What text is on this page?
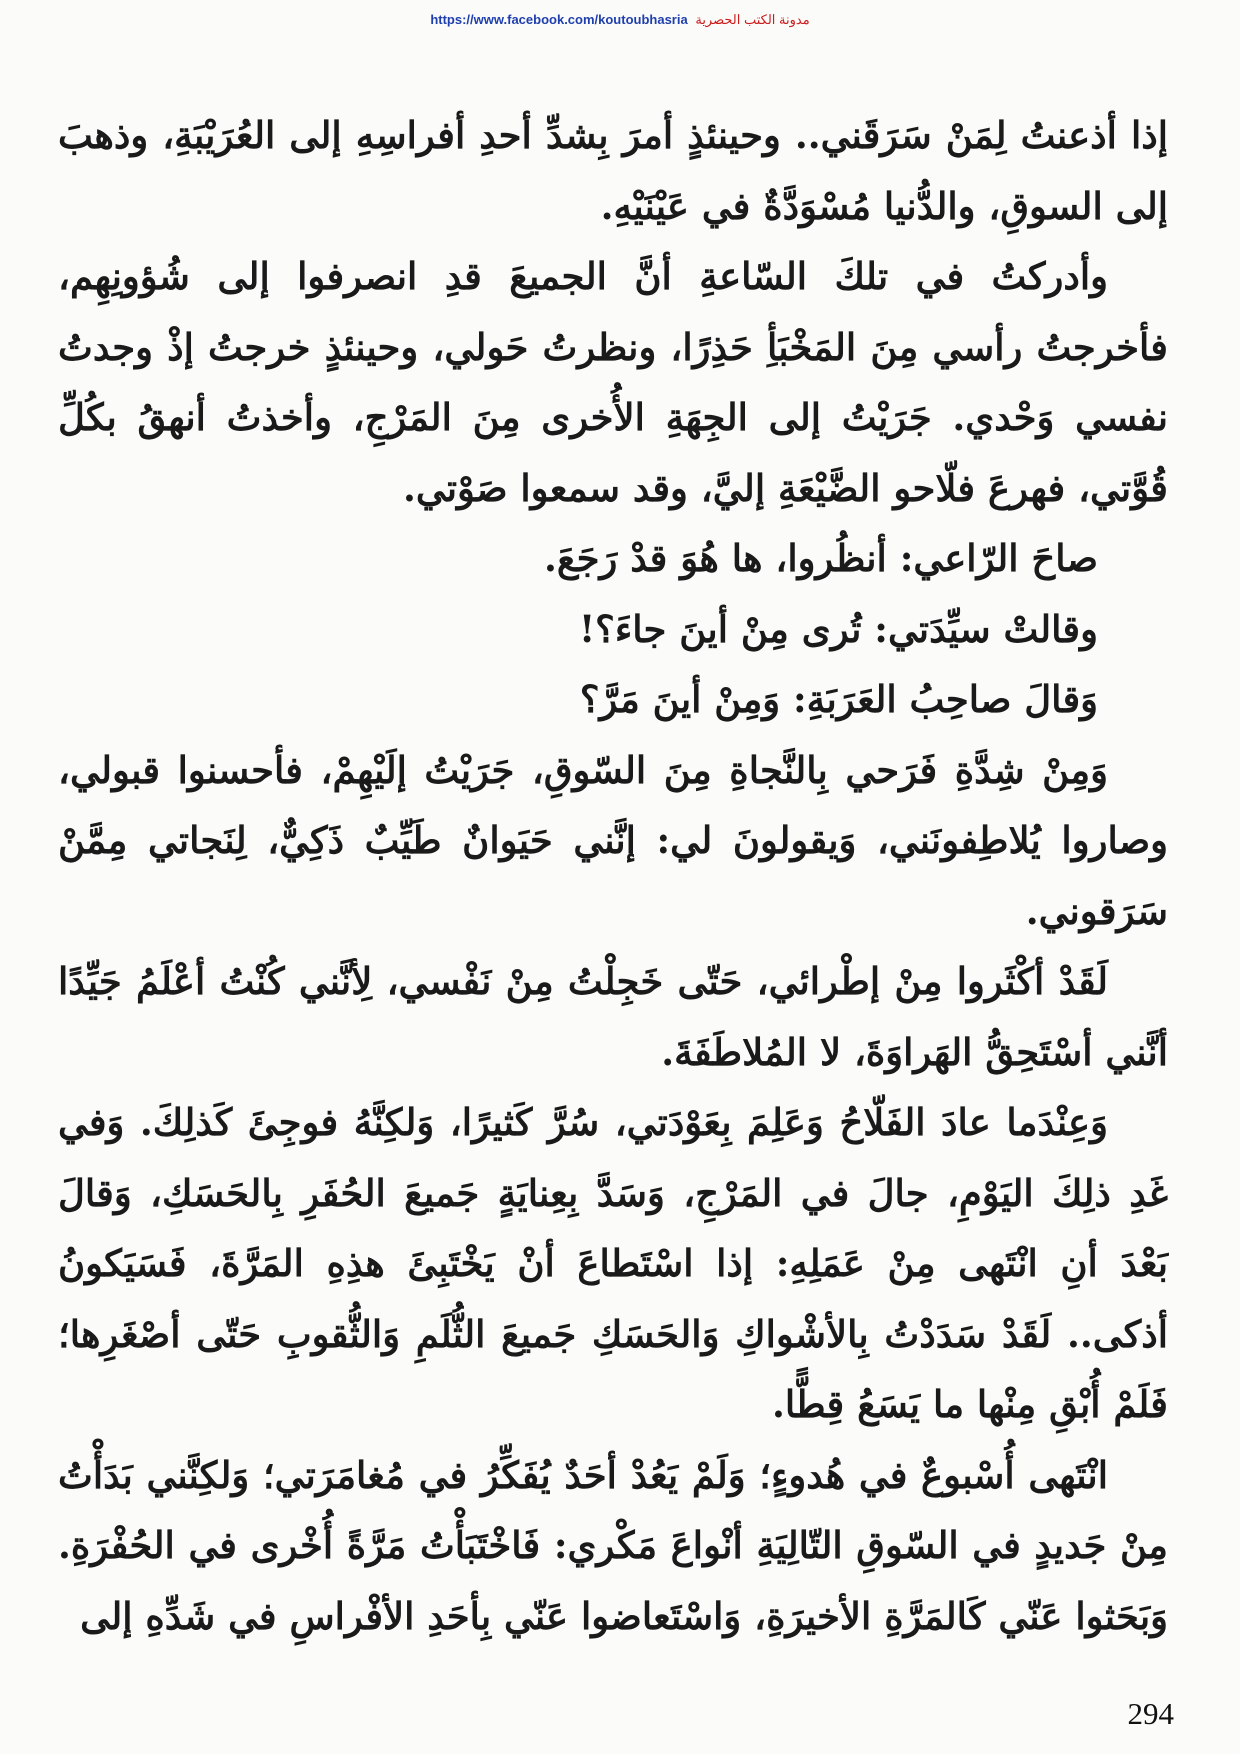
https://www.facebook.com/koutoubhasria مدونة الكتب الحصرية

إذا أذعنتُ لِمَنْ سَرَقَني.. وحينئذٍ أمرَ بِشدِّ أحدِ أفراسِهِ إلى العُرَيْبَةِ، وذهبَ إلى السوقِ، والدُّنيا مُسْوَدَّةٌ في عَيْنَيْهِ.

وأدركتُ في تلكَ السّاعةِ أنَّ الجميعَ قدِ انصرفوا إلى شُؤونِهِم، فأخرجتُ رأسي مِنَ المَخْبَأِ حَذِرًا، ونظرتُ حَولي، وحينئذٍ خرجتُ إذْ وجدتُ نفسي وَحْدي. جَرَيْتُ إلى الجِهَةِ الأُخرى مِنَ المَرْجِ، وأخذتُ أنهقُ بكُلِّ قُوَّتي، فهرعَ فلّاحو الضَّيْعَةِ إليَّ، وقد سمعوا صَوْتي.

صاحَ الرّاعي: أنظُروا، ها هُوَ قدْ رَجَعَ.

وقالتْ سيِّدَتي: تُرى مِنْ أينَ جاءَ؟!

وَقالَ صاحِبُ العَرَبَةِ: وَمِنْ أينَ مَرَّ؟

وَمِنْ شِدَّةِ فَرَحي بِالنَّجاةِ مِنَ السّوقِ، جَرَيْتُ إلَيْهِمْ، فأحسنوا قبولي، وصاروا يُلاطِفونَني، وَيقولونَ لي: إنَّني حَيَوانٌ طَيِّبٌ ذَكِيٌّ، لِنَجاتي مِمَّنْ سَرَقوني.

لَقَدْ أكْثَروا مِنْ إطْرائي، حَتّى خَجِلْتُ مِنْ نَفْسي، لِأنَّني كُنْتُ أعْلَمُ جَيِّدًا أنَّني أسْتَحِقُّ الهَراوَةَ، لا المُلاطَفَةَ.

وَعِنْدَما عادَ الفَلّاحُ وَعَلِمَ بِعَوْدَتي، سُرَّ كَثيرًا، وَلكِنَّهُ فوجِئَ كَذلِكَ. وَفي غَدِ ذلِكَ اليَوْمِ، جالَ في المَرْجِ، وَسَدَّ بِعِنايَةٍ جَميعَ الحُفَرِ بِالحَسَكِ، وَقالَ بَعْدَ أنِ انْتَهى مِنْ عَمَلِهِ: إذا اسْتَطاعَ أنْ يَخْتَبِئَ هذِهِ المَرَّةَ، فَسَيَكونُ أذكى.. لَقَدْ سَدَدْتُ بِالأشْواكِ وَالحَسَكِ جَميعَ الثُّلَمِ وَالثُّقوبِ حَتّى أصْغَرِها؛ فَلَمْ أُبْقِ مِنْها ما يَسَعُ قِطًّا.

انْتَهى أُسْبوعٌ في هُدوءٍ؛ وَلَمْ يَعُدْ أحَدٌ يُفَكِّرُ في مُغامَرَتي؛ وَلكِنَّني بَدَأْتُ مِنْ جَديدٍ في السّوقِ التّالِيَةِ أنْواعَ مَكْري: فَاخْتَبَأْتُ مَرَّةً أُخْرى في الحُفْرَةِ. وَبَحَثوا عَنّي كَالمَرَّةِ الأخيرَةِ، وَاسْتَعاضوا عَنّي بِأحَدِ الأفْراسِ في شَدِّهِ إلى

294
